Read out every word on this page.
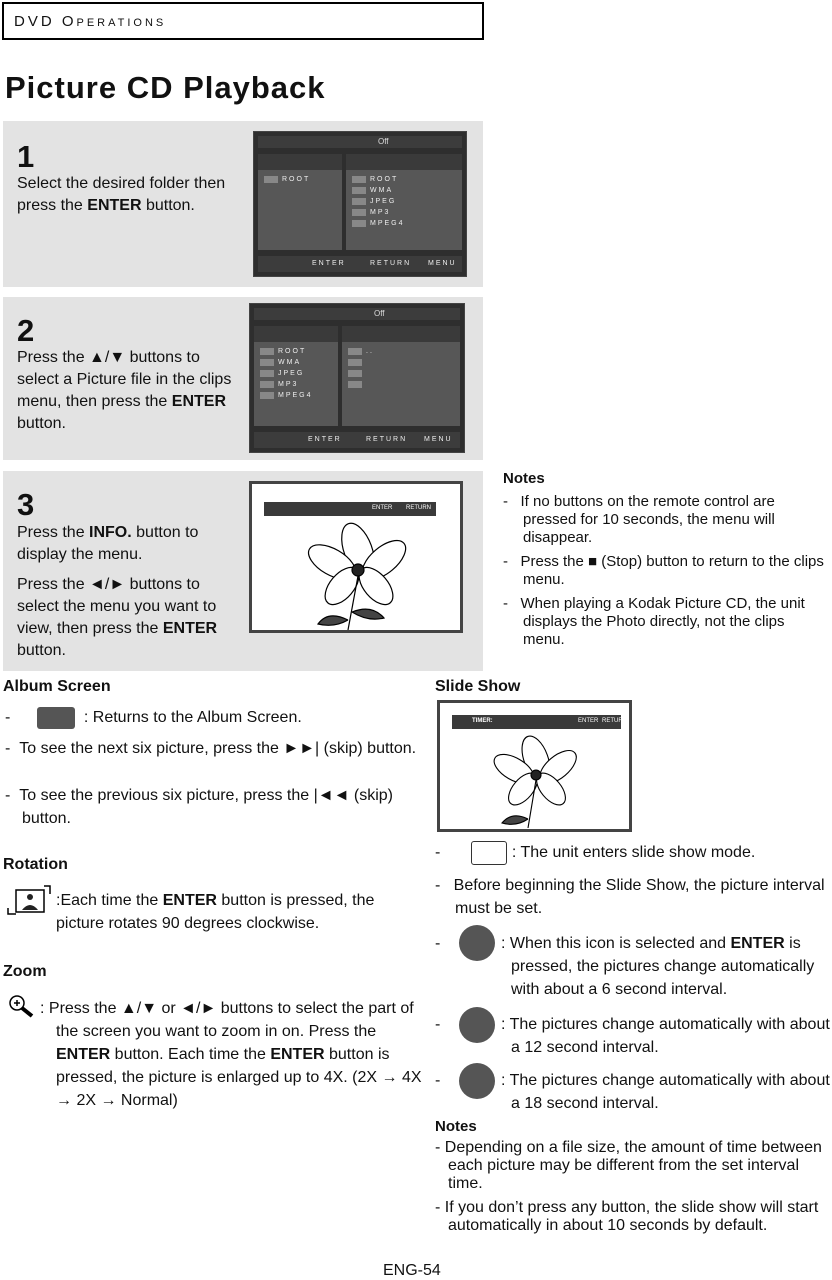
DVD Operations
Picture CD Playback
1
Select the desired folder then press the ENTER button.
Off
ROOT	ROOT
WMA
JPEG
MP3
MPEG4
ENTER	RETURN MENU
2
Press the ▲/▼ buttons to select a Picture file in the clips menu, then press the ENTER button.
Off
ROOT
WMA
JPEG
MP3
MPEG4
..
ENTER	RETURN MENU
3
Press the INFO. button to display the menu.
Press the ◄/► buttons to select the menu you want to view, then press the ENTER button.
ENTER RETURN
Notes
-   If no buttons on the remote control are pressed for 10 seconds, the menu will disappear.
-   Press the ■ (Stop) button to return to the clips menu.
-   When playing a Kodak Picture CD, the unit displays the Photo directly, not the clips menu.
Album Screen
-	: Returns to the Album Screen.
-  To see the next six picture, press the ►►| (skip) button.
-  To see the previous six picture, press the |◄◄ (skip) button.
Rotation
:Each time the ENTER button is pressed, the picture rotates 90 degrees clockwise.
Zoom
: Press the ▲/▼ or ◄/► buttons to select the part of the screen you want to zoom in on. Press the ENTER button. Each time the ENTER button is pressed, the picture is enlarged up to 4X. (2X → 4X → 2X → Normal)
Slide Show
TIMER:	ENTER RETURN
-	: The unit enters slide show mode.
-   Before beginning the Slide Show, the picture interval must be set.
-	: When this icon is selected and ENTER is pressed, the pictures change automatically with about a 6 second interval.
-	: The pictures change automatically with about a 12 second interval.
-	: The pictures change automatically with about a 18 second interval.
Notes
- Depending on a file size, the amount of time between each picture may be different from the set interval time.
- If you don’t press any button, the slide show will start automatically in about 10 seconds by default.
ENG-54
